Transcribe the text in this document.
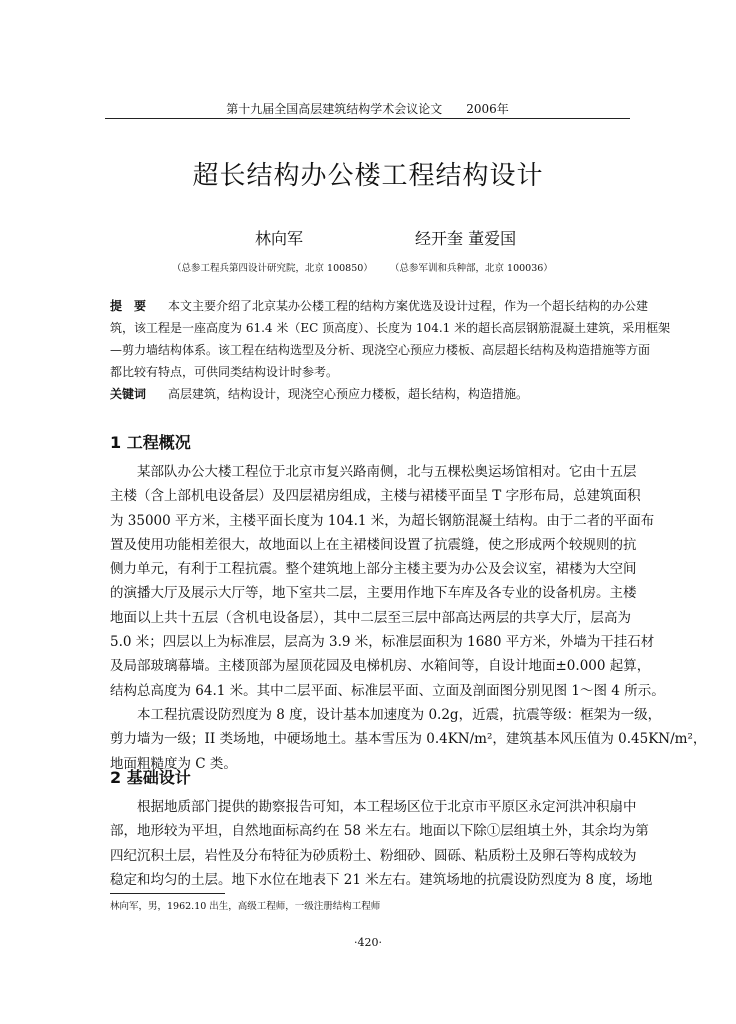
第十九届全国高层建筑结构学术会议论文　　2006年
超长结构办公楼工程结构设计
林向军	经开奎 董爱国
（总参工程兵第四设计研究院，北京 100850） （总参军训和兵种部，北京 100036）
提　要 本文主要介绍了北京某办公楼工程的结构方案优选及设计过程，作为一个超长结构的办公建
筑，该工程是一座高度为 61.4 米（EC 顶高度）、长度为 104.1 米的超长高层钢筋混凝土建筑，采用框架
—剪力墙结构体系。该工程在结构选型及分析、现浇空心预应力楼板、高层超长结构及构造措施等方面
都比较有特点，可供同类结构设计时参考。
关键词 高层建筑，结构设计，现浇空心预应力楼板，超长结构，构造措施。
1 工程概况
　　某部队办公大楼工程位于北京市复兴路南侧，北与五棵松奥运场馆相对。它由十五层
主楼（含上部机电设备层）及四层裙房组成，主楼与裙楼平面呈 T 字形布局，总建筑面积
为 35000 平方米，主楼平面长度为 104.1 米，为超长钢筋混凝土结构。由于二者的平面布
置及使用功能相差很大，故地面以上在主裙楼间设置了抗震缝，使之形成两个较规则的抗
侧力单元，有利于工程抗震。整个建筑地上部分主楼主要为办公及会议室，裙楼为大空间
的演播大厅及展示大厅等，地下室共二层，主要用作地下车库及各专业的设备机房。主楼
地面以上共十五层（含机电设备层），其中二层至三层中部高达两层的共享大厅，层高为
5.0 米；四层以上为标准层，层高为 3.9 米，标准层面积为 1680 平方米，外墙为干挂石材
及局部玻璃幕墙。主楼顶部为屋顶花园及电梯机房、水箱间等，自设计地面±0.000 起算，
结构总高度为 64.1 米。其中二层平面、标准层平面、立面及剖面图分别见图 1～图 4 所示。
　　本工程抗震设防烈度为 8 度，设计基本加速度为 0.2g，近震，抗震等级：框架为一级，
剪力墙为一级；II 类场地，中硬场地土。基本雪压为 0.4KN/m²，建筑基本风压值为 0.45KN/m²，
地面粗糙度为 C 类。
2 基础设计
　　根据地质部门提供的勘察报告可知，本工程场区位于北京市平原区永定河洪冲积扇中
部，地形较为平坦，自然地面标高约在 58 米左右。地面以下除①层组填土外，其余均为第
四纪沉积土层，岩性及分布特征为砂质粉土、粉细砂、圆砾、粘质粉土及卵石等构成较为
稳定和均匀的土层。地下水位在地表下 21 米左右。建筑场地的抗震设防烈度为 8 度，场地
林向军，男，1962.10 出生，高级工程师，一级注册结构工程师
·420·
